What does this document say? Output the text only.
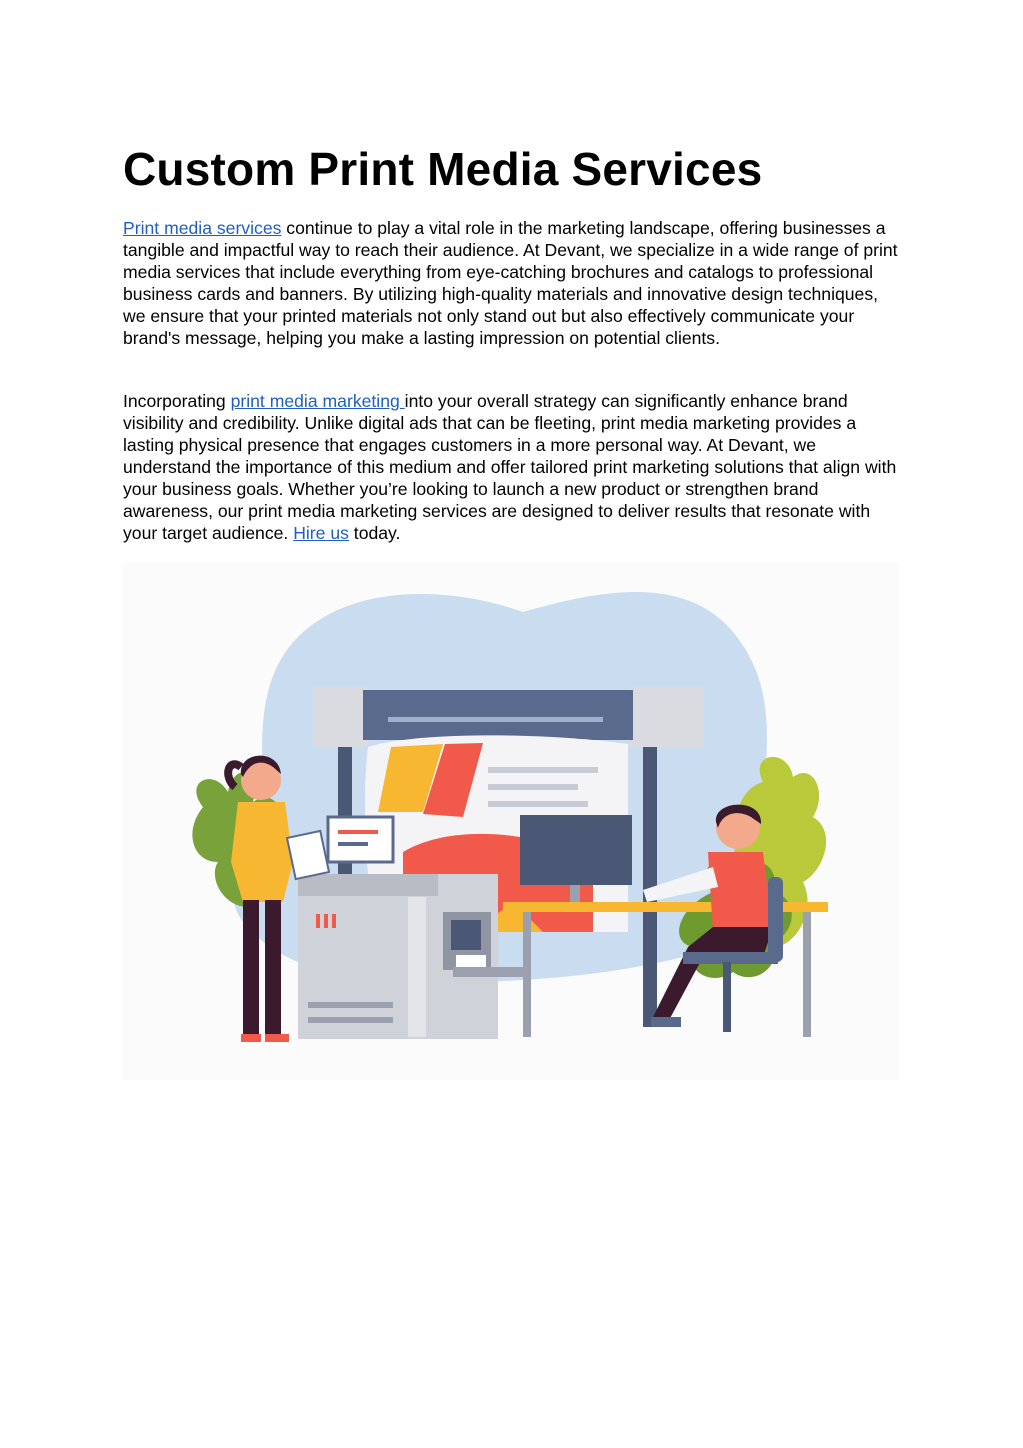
Custom Print Media Services

Print media services continue to play a vital role in the marketing landscape, offering businesses a tangible and impactful way to reach their audience. At Devant, we specialize in a wide range of print media services that include everything from eye-catching brochures and catalogs to professional business cards and banners. By utilizing high-quality materials and innovative design techniques, we ensure that your printed materials not only stand out but also effectively communicate your brand's message, helping you make a lasting impression on potential clients.

Incorporating print media marketing into your overall strategy can significantly enhance brand visibility and credibility. Unlike digital ads that can be fleeting, print media marketing provides a lasting physical presence that engages customers in a more personal way. At Devant, we understand the importance of this medium and offer tailored print marketing solutions that align with your business goals. Whether you’re looking to launch a new product or strengthen brand awareness, our print media marketing services are designed to deliver results that resonate with your target audience. Hire us today.
